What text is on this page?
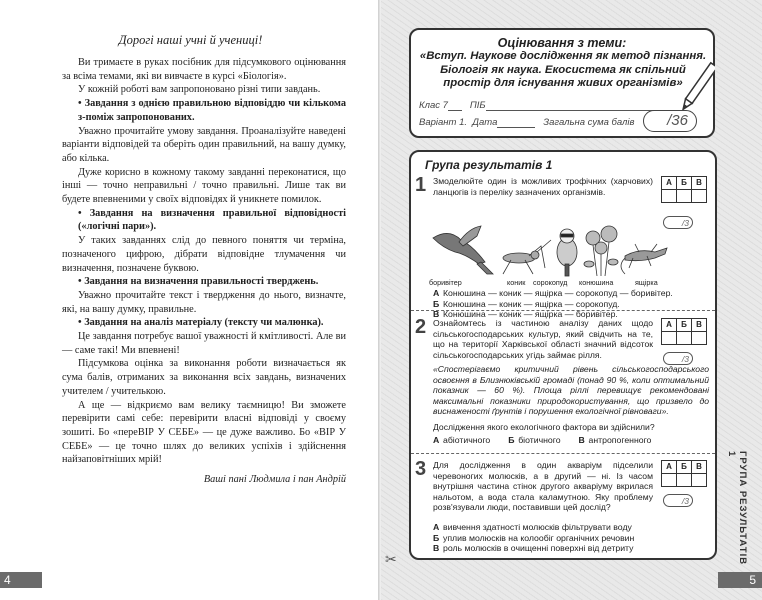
Дорогі наші учні й учениці!

Ви тримаєте в руках посібник для підсумкового оцінювання за всіма темами, які ви вивчаєте в курсі «Біологія».

У кожній роботі вам запропоновано різні типи завдань.

• Завдання з однією правильною відповіддю чи кількома з-поміж запропонованих.

Уважно прочитайте умову завдання. Проаналізуйте наведені варіанти відповідей та оберіть один правильний, на вашу думку, або кілька.

Дуже корисно в кожному такому завданні переконатися, що інші — точно неправильні / точно правильні. Лише так ви будете впевненими у своїх відповідях й уникнете помилок.

• Завдання на визначення правильної відповідності («логічні пари»).

У таких завданнях слід до певного поняття чи терміна, позначеного цифрою, дібрати відповідне тлумачення чи визначення, позначене буквою.

• Завдання на визначення правильності тверджень.

Уважно прочитайте текст і твердження до нього, визначте, які, на вашу думку, правильне.

• Завдання на аналіз матеріалу (тексту чи малюнка).

Це завдання потребує вашої уважності й кмітливості. Але ви — саме такі! Ми впевнені!

Підсумкова оцінка за виконання роботи визначається як сума балів, отриманих за виконання всіх завдань, визначених учителем / учителькою.

А ще — відкриємо вам велику таємницю! Ви зможете перевірити самі себе: перевірити власні відповіді у своєму зошиті. Бо «переВІР У СЕБЕ» — це дуже важливо. Бо «ВІР У СЕБЕ» — це точно шлях до великих успіхів і здійснення найзаповітніших мрій!

Ваші пані Людмила і пан Андрій

4
Оцінювання з теми:
«Вступ. Наукове дослідження як метод пізнання. Біологія як наука. Екосистема як спільний простір для існування живих організмів»
Клас 7 ПІБ
Варіант 1. Дата	Загальна сума балів	/36
Група результатів 1
1 Змоделюйте один із можливих трофічних (харчових) ланцюгів із переліку зазначених організмів.
А	Б	В
/3
боривітер	коник сорокопуд конюшина	ящірка
А Конюшина — коник — ящірка — сорокопуд — боривітер.
Б Конюшина — коник — ящірка — сорокопуд.
В Конюшина — коник — ящірка — боривітер.
2 Ознайомтесь із частиною аналізу даних щодо сільськогосподарських культур, який свідчить на те, що на території Харківської області значний відсоток сільськогосподарських угідь займає рілля.
А	Б	В
/3
«Спостерігаємо критичний рівень сільськогосподарського освоєння в Близнюківській громаді (понад 90 %, коли оптимальний показник — 60 %). Площа ріллі перевищує рекомендовані максимальні показники природокористування, що призвело до виснаженості ґрунтів і порушення екологічної рівноваги».
Дослідження якого екологічного фактора ви здійснили?
А абіотичного Б біотичного В антропогенного
3 Для дослідження в один акваріум підселили черевоногих молюсків, а в другий — ні. Із часом внутрішня частина стінок другого акваріуму вкрилася нальотом, а вода стала каламутною. Яку проблему розв'язували люди, поставивши цей дослід?
А	Б	В
/3
А вивчення здатності молюсків фільтрувати воду
Б уплив молюсків на колообіг органічних речовин
В роль молюсків в очищенні поверхні від детриту	ГРУПА РЕЗУЛЬТАТІВ 1
✂
5
